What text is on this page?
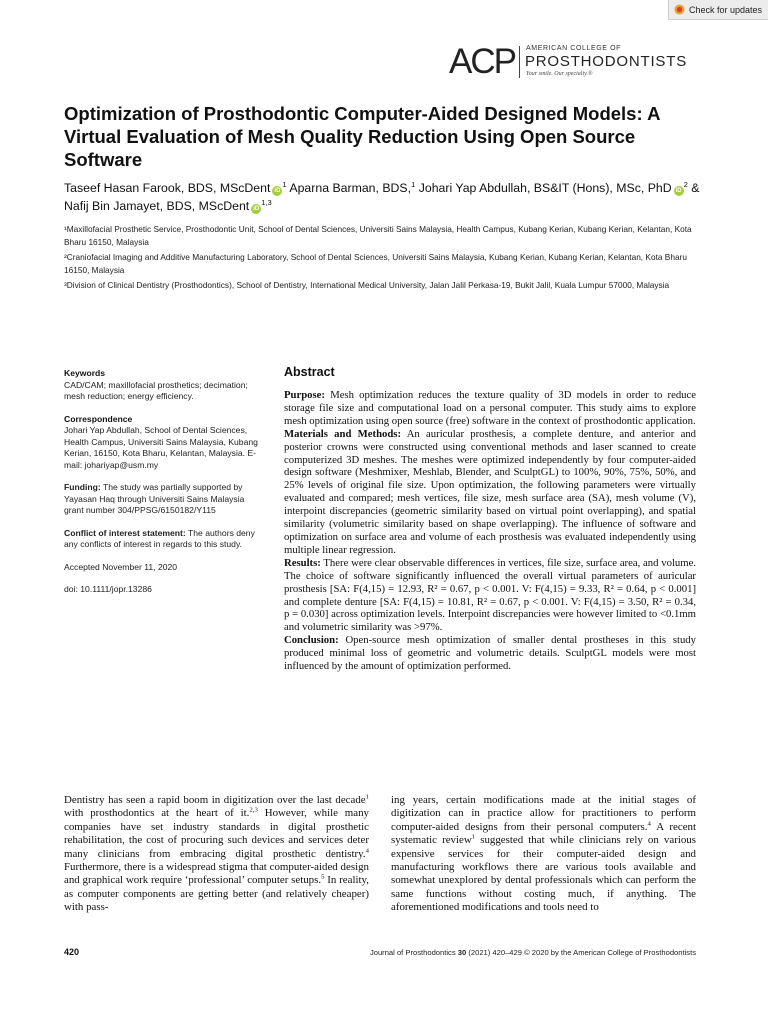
Check for updates
ACP AMERICAN COLLEGE OF
PROSTHODONTISTS
Your smile. Our specialty.®
Optimization of Prosthodontic Computer-Aided Designed Models: A Virtual Evaluation of Mesh Quality Reduction Using Open Source Software
Taseef Hasan Farook, BDS, MScDent $iD^1$ Aparna Barman, BDS,$^1$ Johari Yap Abdullah, BS&IT (Hons), MSc, PhD $iD^2$ & Nafij Bin Jamayet, BDS, MScDent iD$^{1,3}$

¹Maxillofacial Prosthetic Service, Prosthodontic Unit, School of Dental Sciences, Universiti Sains Malaysia, Health Campus, Kubang Kerian, Kubang Kerian, Kelantan, Kota Bharu 16150, Malaysia

²Craniofacial Imaging and Additive Manufacturing Laboratory, School of Dental Sciences, Universiti Sains Malaysia, Kubang Kerian, Kubang Kerian, Kelantan, Kota Bharu 16150, Malaysia

³Division of Clinical Dentistry (Prosthodontics), School of Dentistry, International Medical University, Jalan Jalil Perkasa-19, Bukit Jalil, Kuala Lumpur 57000, Malaysia

Keywords

CAD/CAM; maxillofacial prosthetics; decimation; mesh reduction; energy efficiency.

Correspondence

Johari Yap Abdullah, School of Dental Sciences, Health Campus, Universiti Sains Malaysia, Kubang Kerian, 16150, Kota Bharu, Kelantan, Malaysia. E-mail: johariyap@usm.my

Funding: The study was partially supported by Yayasan Haq through Universiti Sains Malaysia grant number 304/PPSG/6150182/Y115

Conflict of interest statement: The authors deny any conflicts of interest in regards to this study.

Accepted November 11, 2020

doi: 10.1111/jopr.13286

Abstract

Purpose: Mesh optimization reduces the texture quality of 3D models in order to reduce storage file size and computational load on a personal computer. This study aims to explore mesh optimization using open source (free) software in the context of prosthodontic application.

Materials and Methods: An auricular prosthesis, a complete denture, and anterior and posterior crowns were constructed using conventional methods and laser scanned to create computerized 3D meshes. The meshes were optimized independently by four computer-aided design software (Meshmixer, Meshlab, Blender, and SculptGL) to 100%, 90%, 75%, 50%, and 25% levels of original file size. Upon optimization, the following parameters were virtually evaluated and compared; mesh vertices, file size, mesh surface area (SA), mesh volume (V), interpoint discrepancies (geometric similarity based on virtual point overlapping), and spatial similarity (volumetric similarity based on shape overlapping). The influence of software and optimization on surface area and volume of each prosthesis was evaluated independently using multiple linear regression.

Results: There were clear observable differences in vertices, file size, surface area, and volume. The choice of software significantly influenced the overall virtual parameters of auricular prosthesis [SA: F(4,15) = 12.93, R² = 0.67, p < 0.001. V: F(4,15) = 9.33, R² = 0.64, p < 0.001] and complete denture [SA: F(4,15) = 10.81, R² = 0.67, p < 0.001. V: F(4,15) = 3.50, R² = 0.34, p = 0.030] across optimization levels. Interpoint discrepancies were however limited to <0.1mm and volumetric similarity was >97%.

Conclusion: Open-source mesh optimization of smaller dental prostheses in this study produced minimal loss of geometric and volumetric details. SculptGL models were most influenced by the amount of optimization performed.

Dentistry has seen a rapid boom in digitization over the last decade$^1$ with prosthodontics at the heart of it.$^{2,3}$ However, while many companies have set industry standards in digital prosthetic rehabilitation, the cost of procuring such devices and services deter many clinicians from embracing digital prosthetic dentistry.$^4$ Furthermore, there is a widespread stigma that computer-aided design and graphical work require ‘professional’ computer setups.$^5$ In reality, as computer components are getting better (and relatively cheaper) with pass-

ing years, certain modifications made at the initial stages of digitization can in practice allow for practitioners to perform computer-aided designs from their personal computers.$^4$ A recent systematic review$^1$ suggested that while clinicians rely on various expensive services for their computer-aided design and manufacturing workflows there are various tools available and somewhat unexplored by dental professionals which can perform the same functions without costing much, if anything. The aforementioned modifications and tools need to

420	Journal of Prosthodontics 30 (2021) 420–429 © 2020 by the American College of Prosthodontists
